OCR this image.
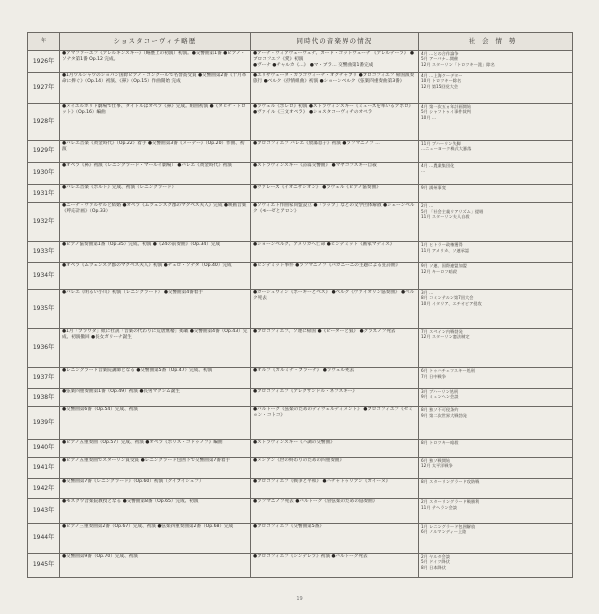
年	ショスタコーヴィチ略歴	同時代の音楽界の情況	社会情勢

1926年	●アマファーエフ《アレルキンスキー》（略歴上の初演）初演。●交響曲第1番 ●ピアノ・ソナタ第1番 Op.12 完成。	●アーナ・ヴィアヴェーヴェナ、カード・ゴットヴェーナ 《アレルテーラ》 ●ブロコフエフ《愛》初演
●ヴーナ ●チャルカ《…》 ●マ・ブラ… 交響曲第1番完成	4月 …との合作論争
5月 アーバナ…開催
12月 スターリン「トロツキー派」除名

1927年	●1月ワルシャワのショパン国際ピアノ・コンクールで名誉賞受賞 ●交響曲第2番《十月革命に捧ぐ》（Op.14）初演、《鼻》（Op.15）作曲開始 完成	●エリザヴェータ・カラゴヴィーチ・オクチャブリ ●ブロコフィエフ 帰国演奏旅行 ●ベルク《抒情組曲》初演 ●ショーンベルク《弦楽四重奏曲第3番》	4月 …上海クーデター
10月 トロツキー除名
12月 第15回党大会

1928年	●メイエルホリド劇場で仕事、タイトルはオペラ《鼻》完成。組曲初演 ●《タヒチ・トロット》（Op.16）編曲	●ラヴェル《ボレロ》初演 ●ストラヴィンスキー《ミューズを率いるアポロ》 ●ヴァイル《三文オペラ》 ●ショスタコーヴィチのオペラ	4月 第一次五ヵ年計画開始
5月 シャフトゥイ事件裁判
10月 …

1929年	●バレエ音楽《黄金時代》（Op.22）着手 ●交響曲第3番《メーデー》（Op.20）作曲、初演	●ブロコフィエフ バレエ《放蕩息子》初演 ●ラフマニノフ …	11月 ブハーリン失脚
…ニューヨーク株式大暴落

1930年	●オペラ《鼻》初演（レニングラード・マールイ劇場） ●バレエ《黄金時代》初演	●ストラヴィンスキー《詩篇交響曲》 ●マヤコフスキー自殺	4月 …農業集団化
…

1931年	●バレエ音楽《ボルト》完成、初演（レニングラード）	●ヴァレーズ《イオニザシオン》 ●ラヴェル《ピアノ協奏曲》	9月 満州事変

1932年	●ニーナ・ヴァルザルと結婚 ●オペラ《ムツェンスク郡のマクベス夫人》完成 ●映画音楽《呼応計画》（Op.33）	●ソヴィエト作曲家同盟設立 ●「ラップ」などの文学団体解散 ●シェーンベルク《モーゼとアロン》	2月 …
5月 「社会主義リアリズム」提唱
11月 スターリン夫人自殺

1933年	●ピアノ協奏曲第1番（Op.35）完成、初演 ●《24の前奏曲》（Op.34）完成	●ショーンベルク、アメリカへ亡命 ●ヒンデミット《画家マティス》	1月 ヒトラー政権獲得
11月 アメリカ、ソ連承認

1934年	●オペラ《ムツェンスク郡のマクベス夫人》初演 ●チェロ・ソナタ（Op.40）完成	●ヒンデミット事件 ●ラフマニノフ《パガニーニの主題による狂詩曲》	9月 ソ連、国際連盟加盟
12月 キーロフ暗殺

1935年	●バレエ《明るい小川》初演（レニングラード） ●交響曲第4番着手	●ガーシュウィン《ポーギーとベス》 ●ベルク《ヴァイオリン協奏曲》 ●ベルク死去	3月 …
8月 コミンテルン第7回大会
10月 イタリア、エチオピア侵攻

1936年	●1月「プラウダ」紙に社説「音楽の代わりに荒唐無稽」掲載 ●交響曲第4番（Op.43）完成、初演撤回 ●長女ガリーナ誕生	●ブロコフィエフ、ソ連に帰国 ●《ピーターと狼》 ●グラズノフ死去	7月 スペイン内戦勃発
12月 スターリン憲法制定

1937年	●レニングラード音楽院講師となる ●交響曲第5番（Op.47）完成、初演	●オルフ《カルミナ・ブラーナ》 ●ラヴェル死去	6月 トゥハチェフスキー処刑
7月 日中戦争

1938年	●弦楽四重奏曲第1番（Op.49）初演 ●長男マクシム誕生	●ブロコフィエフ《アレクサンドル・ネフスキー》	3月 ブハーリン処刑
9月 ミュンヘン会談

1939年	●交響曲第6番（Op.54）完成、初演	●バルトーク《弦楽のためのディヴェルティメント》 ●ブロコフィエフ《セミョン・コトコ》	8月 独ソ不可侵条約
9月 第二次世界大戦勃発

1940年	●ピアノ五重奏曲（Op.57）完成、初演 ●オペラ《ボリス・ゴドゥノフ》編曲	●ストラヴィンスキー《ハ調の交響曲》	8月 トロツキー暗殺

1941年	●ピアノ五重奏曲でスターリン賞受賞 ●レニングラード包囲下で交響曲第7番着手	●メシアン《世の終わりのための四重奏曲》	6月 独ソ戦開始
12月 太平洋戦争

1942年	●交響曲第7番《レニングラード》（Op.60）初演（クイブイシェフ）	●ブロコフィエフ《戦争と平和》 ●ハチャトゥリアン《ガイーヌ》	8月 スターリングラード攻防戦

1943年	●モスクワ音楽院教授となる ●交響曲第8番（Op.65）完成、初演	●ラフマニノフ死去 ●バルトーク《管弦楽のための協奏曲》	2月 スターリングラード戦勝利
11月 テヘラン会談

1944年	●ピアノ三重奏曲第2番（Op.67）完成、初演 ●弦楽四重奏曲第2番（Op.68）完成	●ブロコフィエフ《交響曲第5番》	1月 レニングラード包囲解放
6月 ノルマンディー上陸

1945年	●交響曲第9番（Op.70）完成、初演	●ブロコフィエフ《シンデレラ》初演 ●バルトーク死去	2月 ヤルタ会談
5月 ドイツ降伏
8月 日本降伏
19
